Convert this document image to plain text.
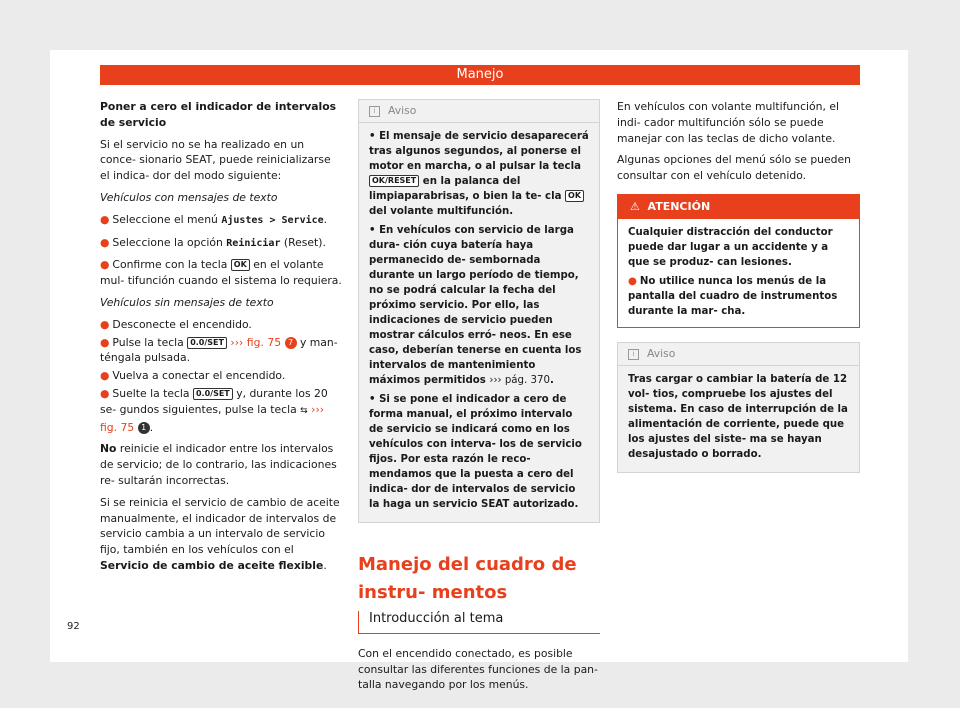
Manejo

Poner a cero el indicador de intervalos de servicio

Si el servicio no se ha realizado en un conce- sionario SEAT, puede reinicializarse el indica- dor del modo siguiente:

Vehículos con mensajes de texto

● Seleccione el menú Ajustes > Service.

● Seleccione la opción Reiniciar (Reset).

● Confirme con la tecla OK en el volante mul- tifunción cuando el sistema lo requiera.

Vehículos sin mensajes de texto

● Desconecte el encendido.

● Pulse la tecla 0.0/SET ››› fig. 75 7 y man- téngala pulsada.

● Vuelva a conectar el encendido.

● Suelte la tecla 0.0/SET y, durante los 20 se- gundos siguientes, pulse la tecla ⇆ ››› fig. 75 1 .

No reinicie el indicador entre los intervalos de servicio; de lo contrario, las indicaciones re- sultarán incorrectas.

Si se reinicia el servicio de cambio de aceite manualmente, el indicador de intervalos de servicio cambia a un intervalo de servicio fijo, también en los vehículos con el Servicio de cambio de aceite flexible.

i Aviso

• El mensaje de servicio desaparecerá tras algunos segundos, al ponerse el motor en marcha, o al pulsar la tecla OK/RESET en la palanca del limpiaparabrisas, o bien la te- cla OK del volante multifunción.

• En vehículos con servicio de larga dura- ción cuya batería haya permanecido de- sembornada durante un largo período de tiempo, no se podrá calcular la fecha del próximo servicio. Por ello, las indicaciones de servicio pueden mostrar cálculos erró- neos. En ese caso, deberían tenerse en cuenta los intervalos de mantenimiento máximos permitidos ››› pág. 370.

• Si se pone el indicador a cero de forma manual, el próximo intervalo de servicio se indicará como en los vehículos con interva- los de servicio fijos. Por esta razón le reco- mendamos que la puesta a cero del indica- dor de intervalos de servicio la haga un servicio SEAT autorizado.

Manejo del cuadro de instru- mentos
Introducción al tema

Con el encendido conectado, es posible consultar las diferentes funciones de la pan- talla navegando por los menús.

En vehículos con volante multifunción, el indi- cador multifunción sólo se puede manejar con las teclas de dicho volante.

Algunas opciones del menú sólo se pueden consultar con el vehículo detenido.

⚠ ATENCIÓN

Cualquier distracción del conductor puede dar lugar a un accidente y a que se produz- can lesiones.

● No utilice nunca los menús de la pantalla del cuadro de instrumentos durante la mar- cha.

i Aviso

Tras cargar o cambiar la batería de 12 vol- tios, compruebe los ajustes del sistema. En caso de interrupción de la alimentación de corriente, puede que los ajustes del siste- ma se hayan desajustado o borrado.

92
